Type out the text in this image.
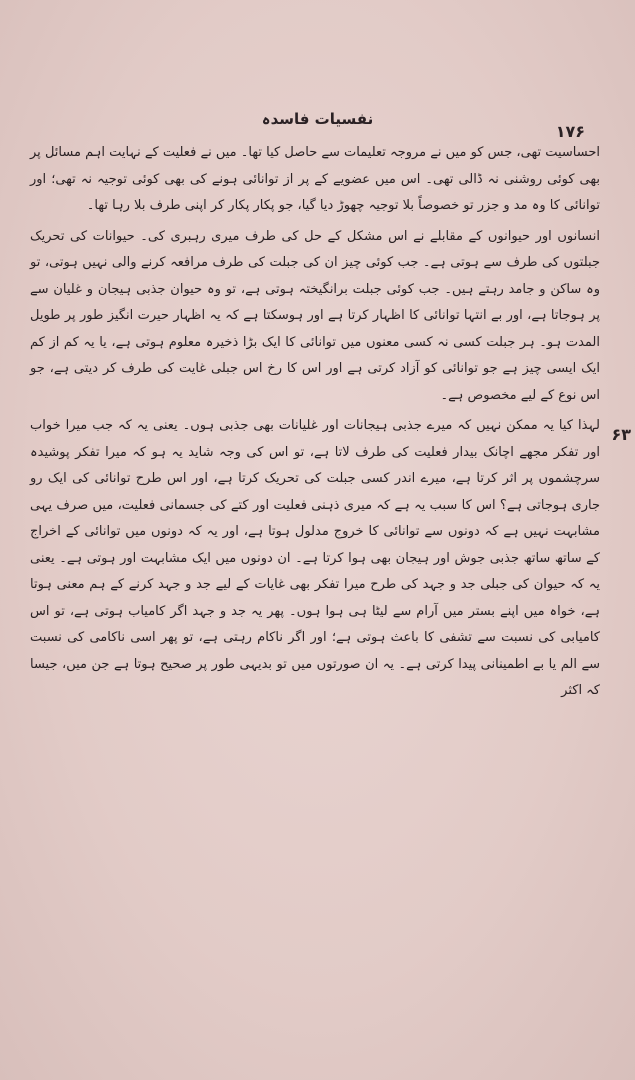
نفسیات فاسدہ
۱۷۶
۶۳

احساسیت تھی، جس کو میں نے مروجہ تعلیمات سے حاصل کیا تھا۔ میں نے فعلیت کے نہایت اہم مسائل پر بھی کوئی روشنی نہ ڈالی تھی۔ اس میں عضویے کے پر از توانائی ہونے کی بھی کوئی توجیہ نہ تھی؛ اور توانائی کا وہ مد و جزر تو خصوصاً بلا توجیہ چھوڑ دیا گیا، جو پکار پکار کر اپنی طرف بلا رہا تھا۔

انسانوں اور حیوانوں کے مقابلے نے اس مشکل کے حل کی طرف میری رہبری کی۔ حیوانات کی تحریک جبلتوں کی طرف سے ہوتی ہے۔ جب کوئی چیز ان کی جبلت کی طرف مرافعہ کرنے والی نہیں ہوتی، تو وہ ساکن و جامد رہتے ہیں۔ جب کوئی جبلت برانگیختہ ہوتی ہے، تو وہ حیوان جذبی ہیجان و غلیان سے پر ہوجاتا ہے، اور بے انتہا توانائی کا اظہار کرتا ہے اور ہوسکتا ہے کہ یہ اظہار حیرت انگیز طور پر طویل المدت ہو۔ ہر جبلت کسی نہ کسی معنوں میں توانائی کا ایک بڑا ذخیرہ معلوم ہوتی ہے، یا یہ کم از کم ایک ایسی چیز ہے جو توانائی کو آزاد کرتی ہے اور اس کا رخ اس جبلی غایت کی طرف کر دیتی ہے، جو اس نوع کے لیے مخصوص ہے۔

لہذا کیا یہ ممکن نہیں کہ میرے جذبی ہیجانات اور غلیانات بھی جذبی ہوں۔ یعنی یہ کہ جب میرا خواب اور تفکر مجھے اچانک بیدار فعلیت کی طرف لاتا ہے، تو اس کی وجہ شاید یہ ہو کہ میرا تفکر پوشیدہ سرچشموں پر اثر کرتا ہے، میرے اندر کسی جبلت کی تحریک کرتا ہے، اور اس طرح توانائی کی ایک رو جاری ہوجاتی ہے؟ اس کا سبب یہ ہے کہ میری ذہنی فعلیت اور کتے کی جسمانی فعلیت، میں صرف یہی مشابہت نہیں ہے کہ دونوں سے توانائی کا خروج مدلول ہوتا ہے، اور یہ کہ دونوں میں توانائی کے اخراج کے ساتھ ساتھ جذبی جوش اور ہیجان بھی ہوا کرتا ہے۔ ان دونوں میں ایک مشابہت اور ہوتی ہے۔ یعنی یہ کہ حیوان کی جبلی جد و جہد کی طرح میرا تفکر بھی غایات کے لیے جد و جہد کرنے کے ہم معنی ہوتا ہے، خواہ میں اپنے بستر میں آرام سے لیٹا ہی ہوا ہوں۔ پھر یہ جد و جہد اگر کامیاب ہوتی ہے، تو اس کامیابی کی نسبت سے تشفی کا باعث ہوتی ہے؛ اور اگر ناکام رہتی ہے، تو پھر اسی ناکامی کی نسبت سے الم یا بے اطمینانی پیدا کرتی ہے۔ یہ ان صورتوں میں تو بدیہی طور پر صحیح ہوتا ہے جن میں، جیسا کہ اکثر
